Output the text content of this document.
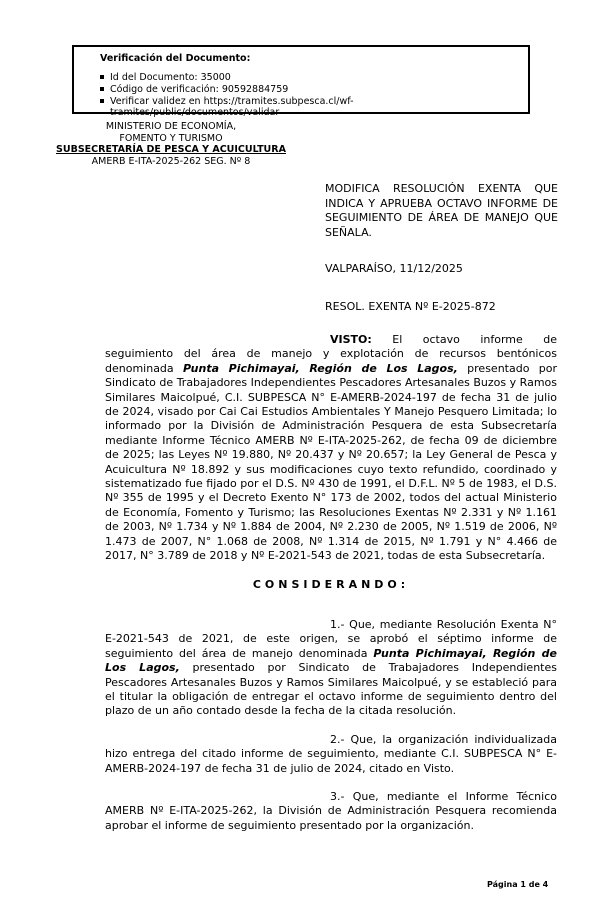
Verificación del Documento:
Id del Documento: 35000
Código de verificación: 90592884759
Verificar validez en https://tramites.subpesca.cl/wf-tramites/public/documentos/validar
MINISTERIO DE ECONOMÍA,
FOMENTO Y TURISMO
SUBSECRETARÍA DE PESCA Y ACUICULTURA
AMERB E-ITA-2025-262 SEG. Nº 8
MODIFICA RESOLUCIÓN EXENTA QUE INDICA Y APRUEBA OCTAVO INFORME DE SEGUIMIENTO DE ÁREA DE MANEJO QUE SEÑALA.
VALPARAÍSO, 11/12/2025
RESOL. EXENTA Nº E-2025-872

VISTO: El octavo informe de seguimiento del área de manejo y explotación de recursos bentónicos denominada Punta Pichimayai, Región de Los Lagos, presentado por Sindicato de Trabajadores Independientes Pescadores Artesanales Buzos y Ramos Similares Maicolpué, C.I. SUBPESCA N° E-AMERB-2024-197 de fecha 31 de julio de 2024, visado por Cai Cai Estudios Ambientales Y Manejo Pesquero Limitada; lo informado por la División de Administración Pesquera de esta Subsecretaría mediante Informe Técnico AMERB Nº E-ITA-2025-262, de fecha 09 de diciembre de 2025; las Leyes Nº 19.880, Nº 20.437 y Nº 20.657; la Ley General de Pesca y Acuicultura Nº 18.892 y sus modificaciones cuyo texto refundido, coordinado y sistematizado fue fijado por el D.S. Nº 430 de 1991, el D.F.L. Nº 5 de 1983, el D.S. Nº 355 de 1995 y el Decreto Exento N° 173 de 2002, todos del actual Ministerio de Economía, Fomento y Turismo; las Resoluciones Exentas Nº 2.331 y Nº 1.161 de 2003, Nº 1.734 y Nº 1.884 de 2004, Nº 2.230 de 2005, Nº 1.519 de 2006, Nº 1.473 de 2007, N° 1.068 de 2008, Nº 1.314 de 2015, Nº 1.791 y N° 4.466 de 2017, N° 3.789 de 2018 y Nº E-2021-543 de 2021, todas de esta Subsecretaría.

CONSIDERANDO:

1.- Que, mediante Resolución Exenta N° E-2021-543 de 2021, de este origen, se aprobó el séptimo informe de seguimiento del área de manejo denominada Punta Pichimayai, Región de Los Lagos, presentado por Sindicato de Trabajadores Independientes Pescadores Artesanales Buzos y Ramos Similares Maicolpué, y se estableció para el titular la obligación de entregar el octavo informe de seguimiento dentro del plazo de un año contado desde la fecha de la citada resolución.

2.- Que, la organización individualizada hizo entrega del citado informe de seguimiento, mediante C.I. SUBPESCA N° E-AMERB-2024-197 de fecha 31 de julio de 2024, citado en Visto.

3.- Que, mediante el Informe Técnico AMERB Nº E-ITA-2025-262, la División de Administración Pesquera recomienda aprobar el informe de seguimiento presentado por la organización.

Página 1 de 4
